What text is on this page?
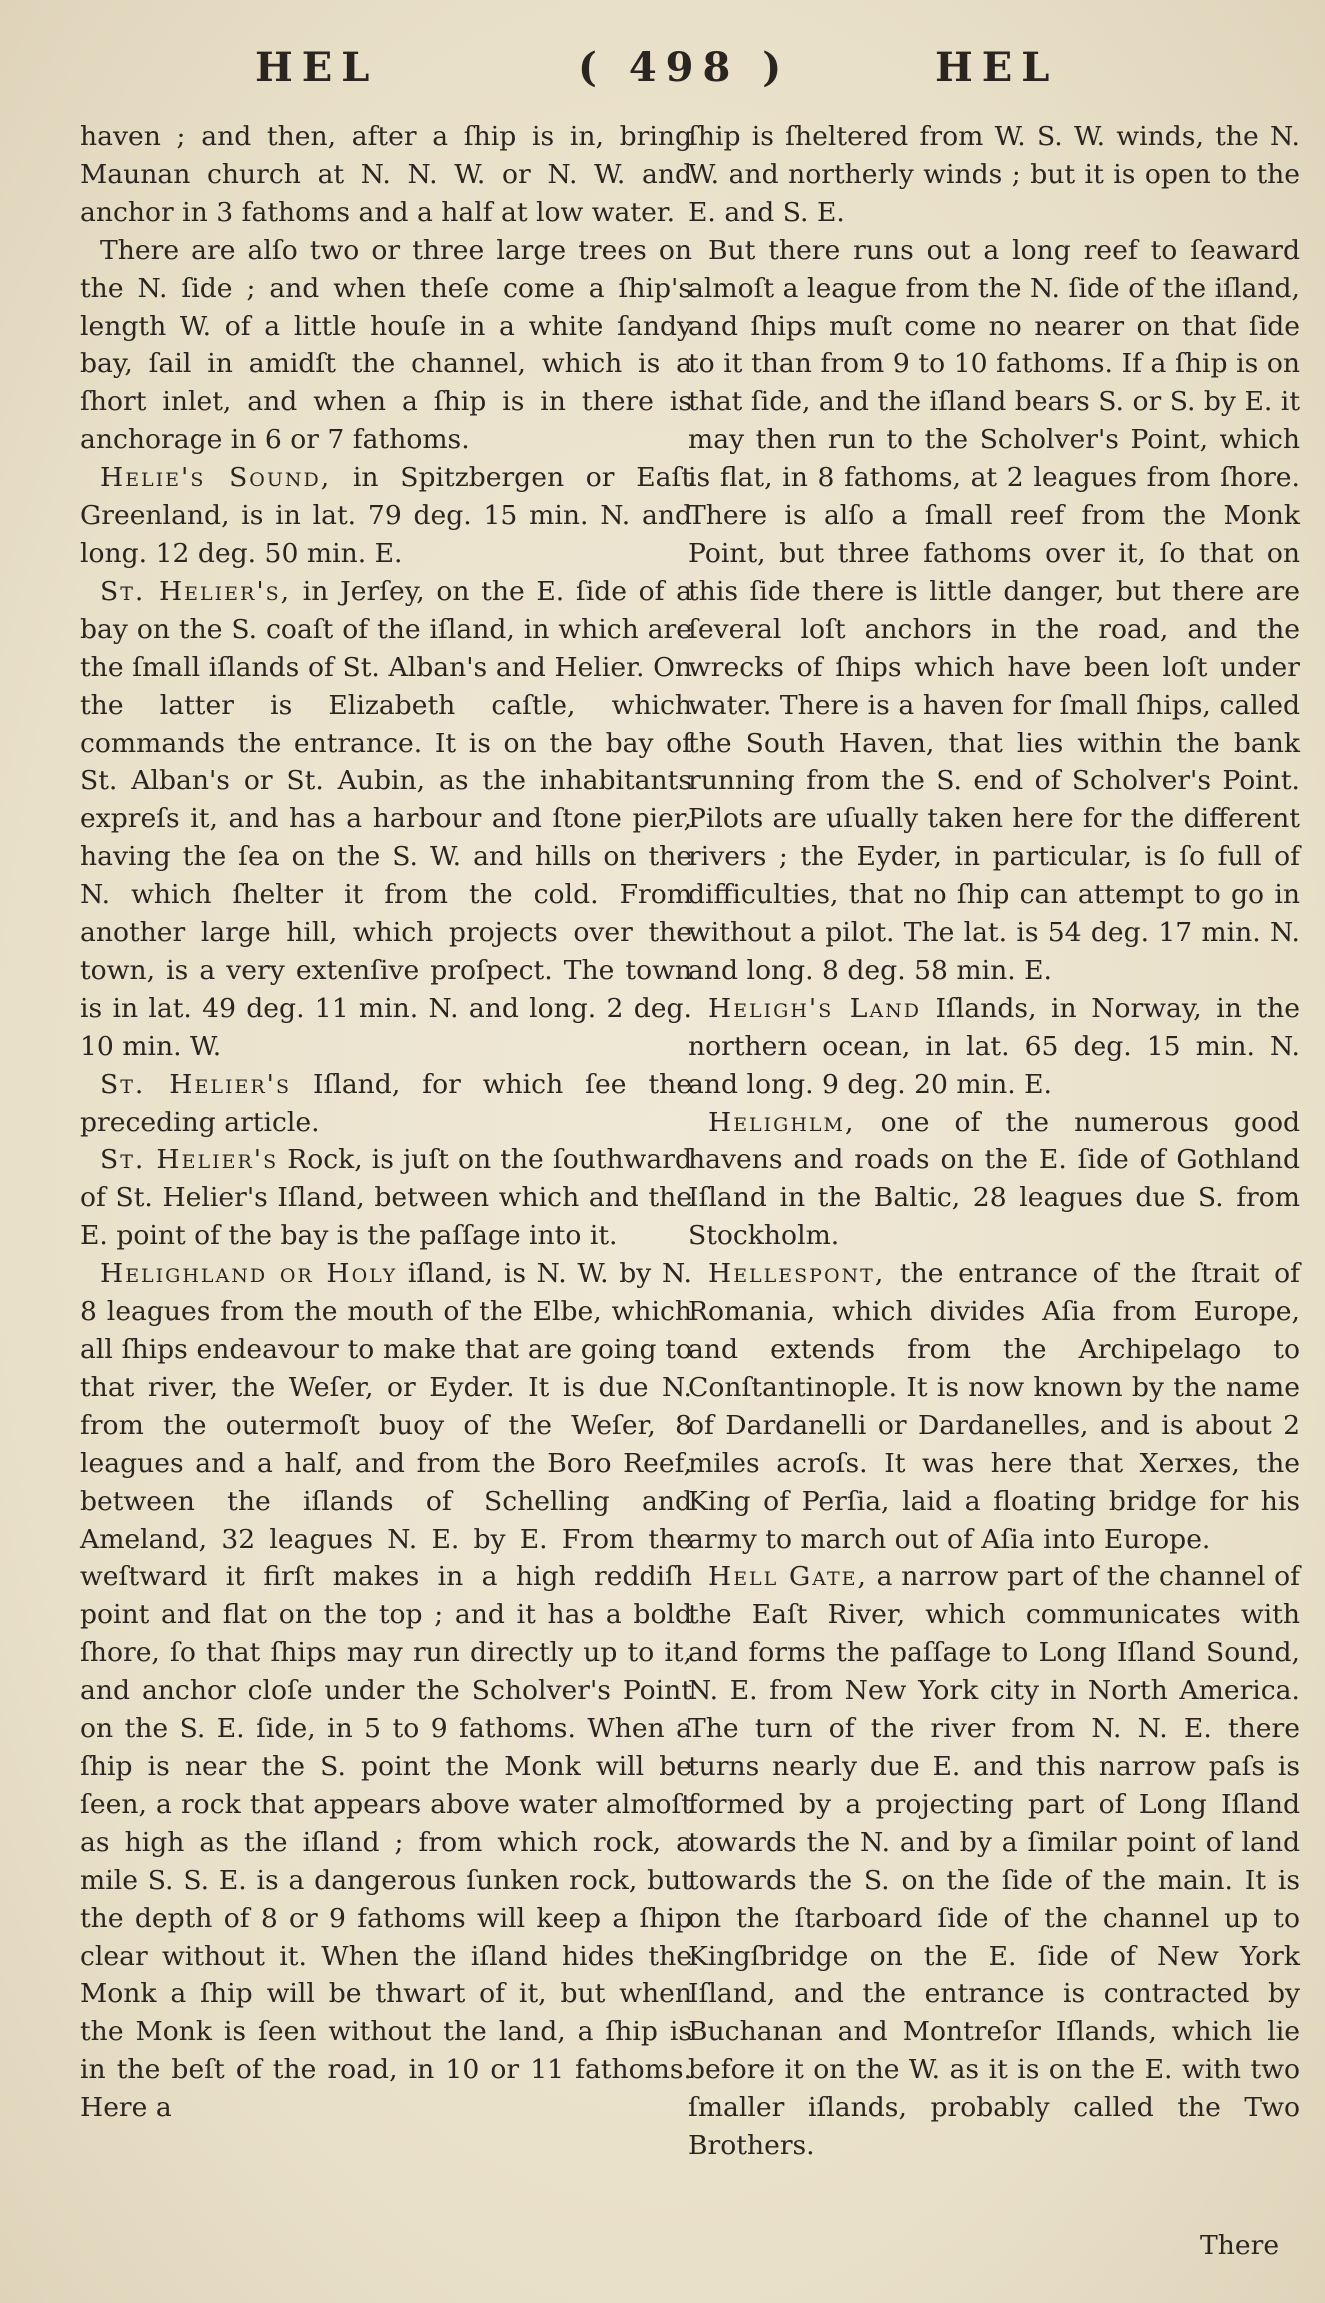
HEL	( 498 )	HEL

haven ; and then, after a ſhip is in, bring Maunan church at N. N. W. or N. W. and anchor in 3 fathoms and a half at low water.

There are alſo two or three large trees on the N. ſide ; and when theſe come a ſhip's length W. of a little houſe in a white ſandy bay, ſail in amidſt the channel, which is a ſhort inlet, and when a ſhip is in there is anchorage in 6 or 7 fathoms.

Helie's Sound, in Spitzbergen or Eaſt Greenland, is in lat. 79 deg. 15 min. N. and long. 12 deg. 50 min. E.

St. Helier's, in Jerſey, on the E. ſide of a bay on the S. coaſt of the iſland, in which are the ſmall iſlands of St. Alban's and Helier. On the latter is Elizabeth caſtle, which commands the entrance. It is on the bay of St. Alban's or St. Aubin, as the inhabitants expreſs it, and has a harbour and ſtone pier, having the ſea on the S. W. and hills on the N. which ſhelter it from the cold. From another large hill, which projects over the town, is a very extenſive proſpect. The town is in lat. 49 deg. 11 min. N. and long. 2 deg. 10 min. W.

St. Helier's Iſland, for which ſee the preceding article.

St. Helier's Rock, is juſt on the ſouthward of St. Helier's Iſland, between which and the E. point of the bay is the paſſage into it.

Helighland or Holy iſland, is N. W. by N. 8 leagues from the mouth of the Elbe, which all ſhips endeavour to make that are going to that river, the Weſer, or Eyder. It is due N. from the outermoſt buoy of the Weſer, 8 leagues and a half, and from the Boro Reef, between the iſlands of Schelling and Ameland, 32 leagues N. E. by E. From the weſtward it firſt makes in a high reddiſh point and flat on the top ; and it has a bold ſhore, ſo that ſhips may run directly up to it, and anchor cloſe under the Scholver's Point on the S. E. ſide, in 5 to 9 fathoms. When a ſhip is near the S. point the Monk will be ſeen, a rock that appears above water almoſt as high as the iſland ; from which rock, a mile S. S. E. is a dangerous ſunken rock, but the depth of 8 or 9 fathoms will keep a ſhip clear without it. When the iſland hides the Monk a ſhip will be thwart of it, but when the Monk is ſeen without the land, a ſhip is in the beſt of the road, in 10 or 11 fathoms. Here a

ſhip is ſheltered from W. S. W. winds, the N. W. and northerly winds ; but it is open to the E. and S. E.

But there runs out a long reef to ſeaward almoſt a league from the N. ſide of the iſland, and ſhips muſt come no nearer on that ſide to it than from 9 to 10 fathoms. If a ſhip is on that ſide, and the iſland bears S. or S. by E. it may then run to the Scholver's Point, which is flat, in 8 fathoms, at 2 leagues from ſhore. There is alſo a ſmall reef from the Monk Point, but three fathoms over it, ſo that on this ſide there is little danger, but there are ſeveral loſt anchors in the road, and the wrecks of ſhips which have been loſt under water. There is a haven for ſmall ſhips, called the South Haven, that lies within the bank running from the S. end of Scholver's Point. Pilots are uſually taken here for the different rivers ; the Eyder, in particular, is ſo full of difficulties, that no ſhip can attempt to go in without a pilot. The lat. is 54 deg. 17 min. N. and long. 8 deg. 58 min. E.

Heligh's Land Iſlands, in Norway, in the northern ocean, in lat. 65 deg. 15 min. N. and long. 9 deg. 20 min. E.

Helighlm, one of the numerous good havens and roads on the E. ſide of Gothland Iſland in the Baltic, 28 leagues due S. from Stockholm.

Hellespont, the entrance of the ſtrait of Romania, which divides Aſia from Europe, and extends from the Archipelago to Conſtantinople. It is now known by the name of Dardanelli or Dardanelles, and is about 2 miles acroſs. It was here that Xerxes, the King of Perſia, laid a floating bridge for his army to march out of Aſia into Europe.

Hell Gate, a narrow part of the channel of the Eaſt River, which communicates with and forms the paſſage to Long Iſland Sound, N. E. from New York city in North America. The turn of the river from N. N. E. there turns nearly due E. and this narrow paſs is formed by a projecting part of Long Iſland towards the N. and by a ſimilar point of land towards the S. on the ſide of the main. It is on the ſtarboard ſide of the channel up to Kingſbridge on the E. ſide of New York Iſland, and the entrance is contracted by Buchanan and Montreſor Iſlands, which lie before it on the W. as it is on the E. with two ſmaller iſlands, probably called the Two Brothers.

There
